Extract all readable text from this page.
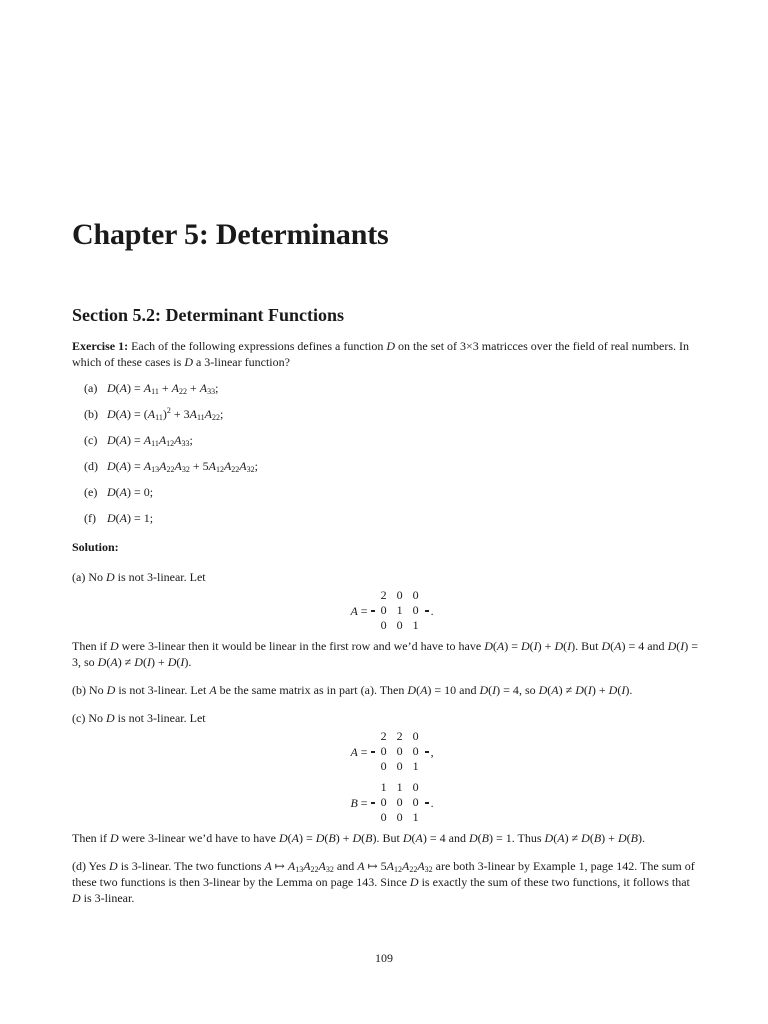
Chapter 5: Determinants
Section 5.2: Determinant Functions

Exercise 1: Each of the following expressions defines a function D on the set of 3×3 matricces over the field of real numbers. In which of these cases is D a 3-linear function?

(a) $D(A) = A_{11} + A_{22} + A_{33}$;
(b) $D(A) = (A_{11})^2 + 3A_{11}A_{22}$;
(c) $D(A) = A_{11}A_{12}A_{33}$;
(d) $D(A) = A_{13}A_{22}A_{32} + 5A_{12}A_{22}A_{32}$;
(e) D(A) = 0;
(f) D(A) = 1;

Solution:

(a) No D is not 3-linear. Let

A =
2 0 0
0 1 0
0 0 1
.

Then if D were 3-linear then it would be linear in the first row and we’d have to have D(A) = D(I) + D(I). But D(A) = 4 and D(I) = 3, so D(A) ≠ D(I) + D(I).

(b) No D is not 3-linear. Let A be the same matrix as in part (a). Then D(A) = 10 and D(I) = 4, so D(A) ≠ D(I) + D(I).

(c) No D is not 3-linear. Let

A =
2 2 0
0 0 0
0 0 1
,
B =
1 1 0
0 0 0
0 0 1
.

Then if D were 3-linear we’d have to have D(A) = D(B) + D(B). But D(A) = 4 and D(B) = 1. Thus D(A) ≠ D(B) + D(B).

(d) Yes D is 3-linear. The two functions A ↦ $A_{13}A_{22}A_{32}$ and A ↦ $5A_{12}A_{22}A_{32}$ are both 3-linear by Example 1, page 142. The sum of these two functions is then 3-linear by the Lemma on page 143. Since D is exactly the sum of these two functions, it follows that D is 3-linear.

109
